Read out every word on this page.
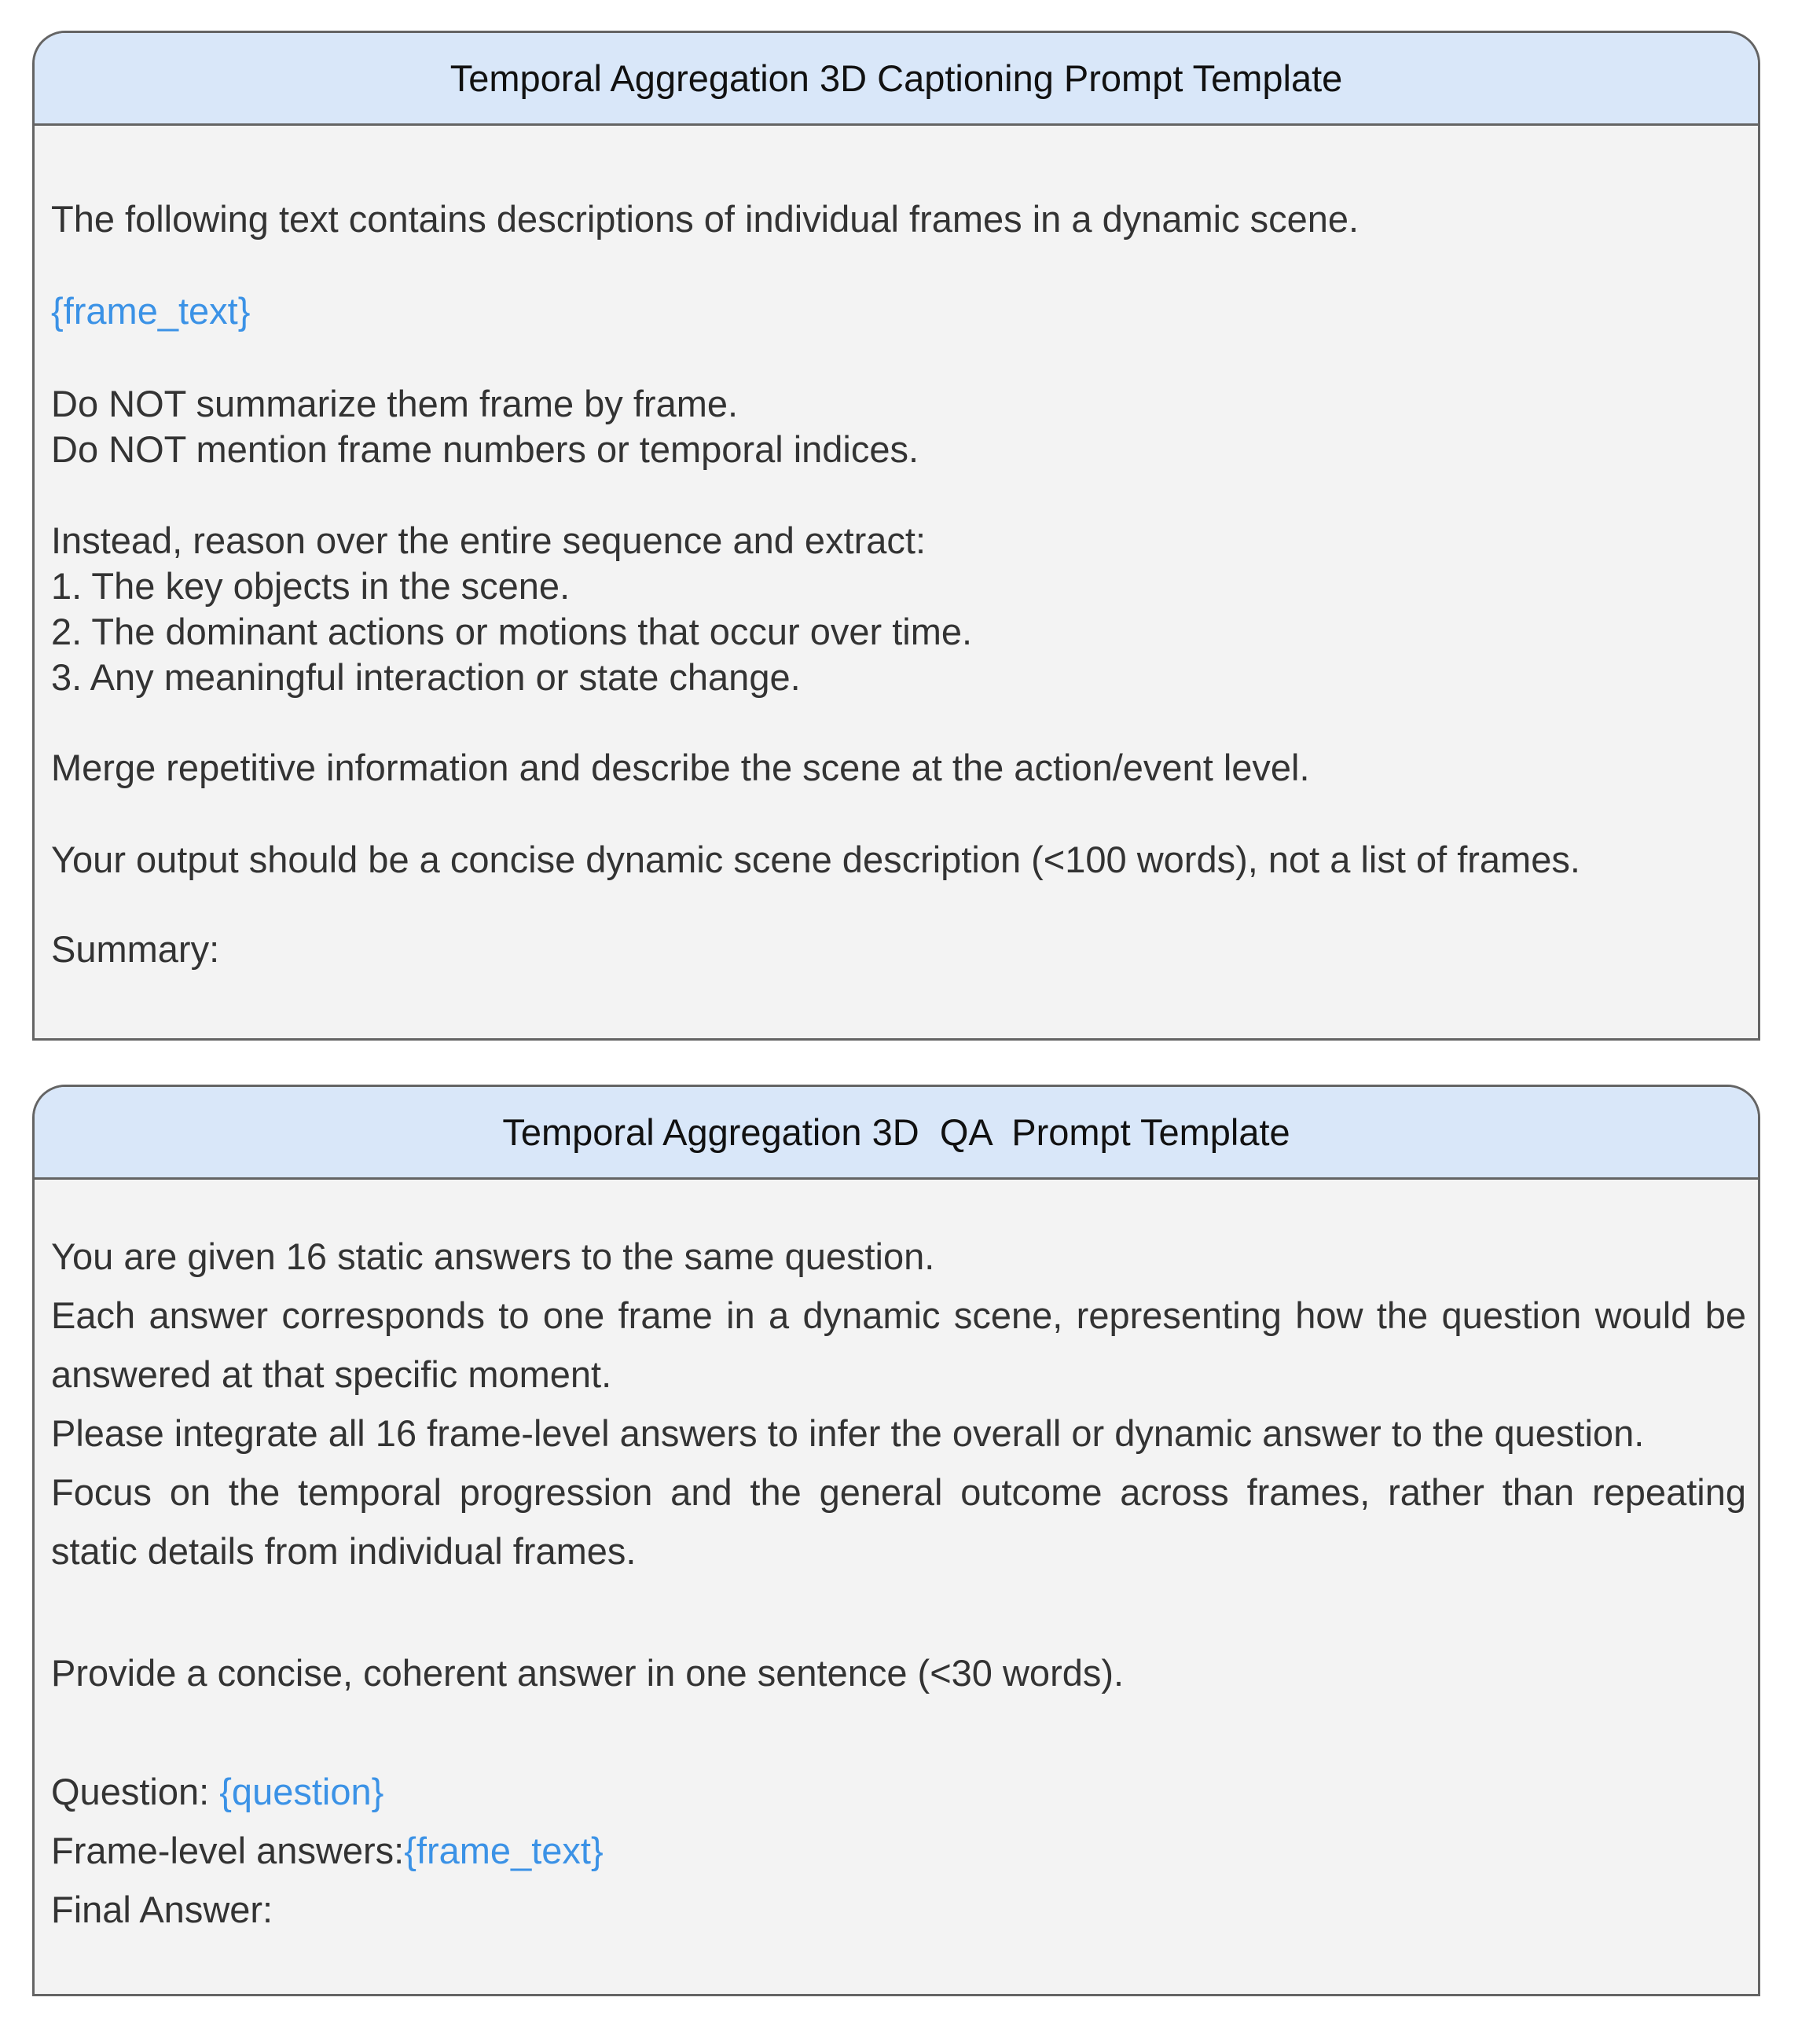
Temporal Aggregation 3D Captioning Prompt Template
The following text contains descriptions of individual frames in a dynamic scene.
{frame_text}
Do NOT summarize them frame by frame.
Do NOT mention frame numbers or temporal indices.
Instead, reason over the entire sequence and extract:
1. The key objects in the scene.
2. The dominant actions or motions that occur over time.
3. Any meaningful interaction or state change.
Merge repetitive information and describe the scene at the action/event level.
Your output should be a concise dynamic scene description (<100 words), not a list of frames.
Summary:
Temporal Aggregation 3D  QA  Prompt Template
You are given 16 static answers to the same question.
Each answer corresponds to one frame in a dynamic scene, representing how the question would be
answered at that specific moment.
Please integrate all 16 frame-level answers to infer the overall or dynamic answer to the question.
Focus on the temporal progression and the general outcome across frames, rather than repeating
static details from individual frames.
Provide a concise, coherent answer in one sentence (<30 words).
Question: {question}
Frame-level answers:{frame_text}
Final Answer:
